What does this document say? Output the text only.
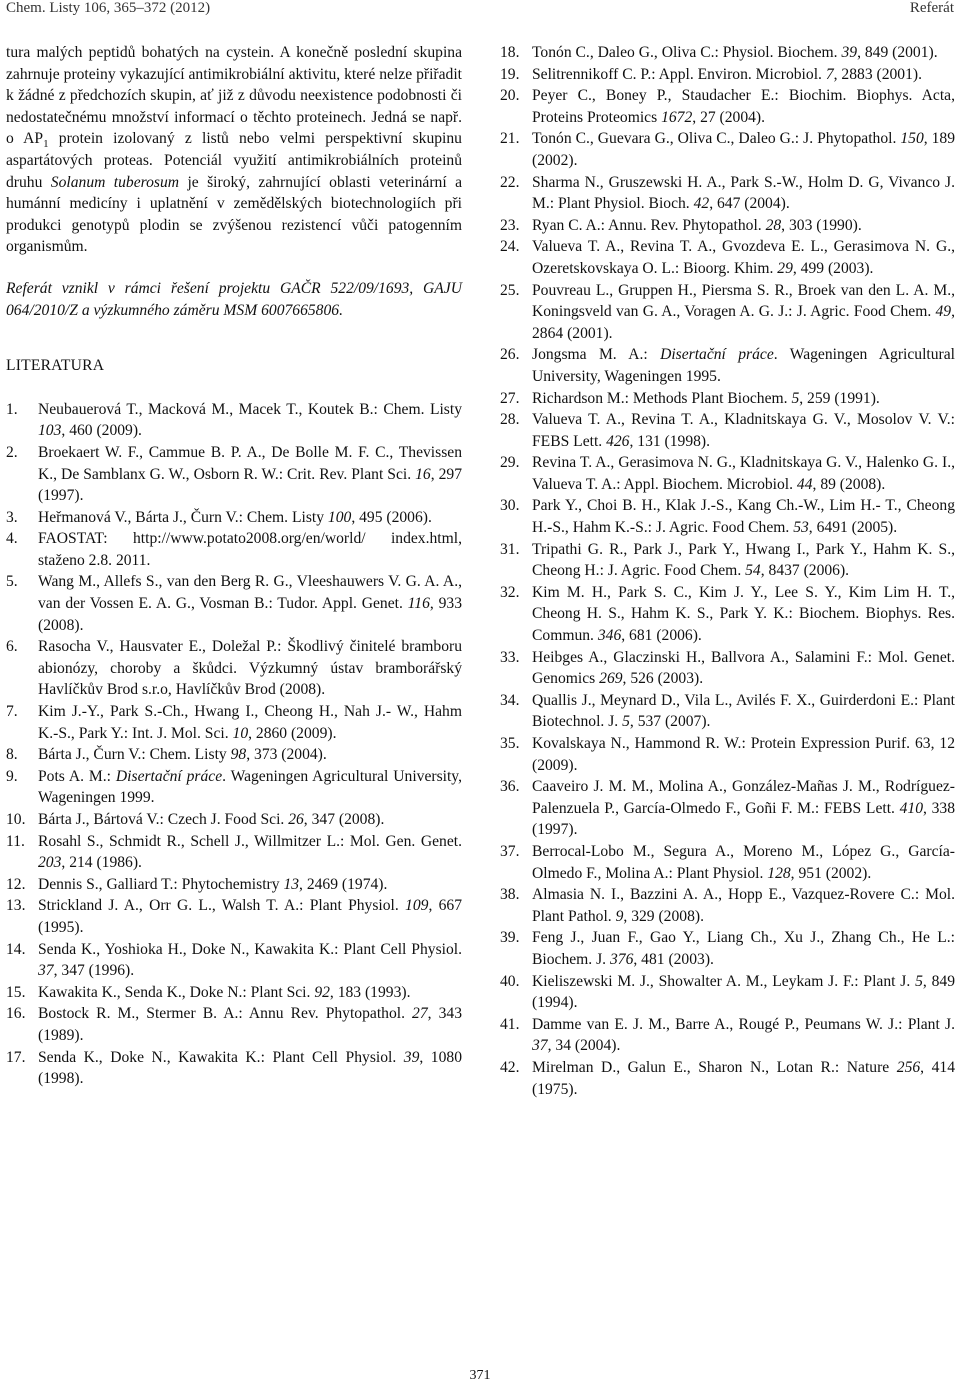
Chem. Listy 106, 365–372 (2012)	Referát

tura malých peptidů bohatých na cystein. A konečně poslední skupina zahrnuje proteiny vykazující antimikrobiální aktivitu, které nelze přiřadit k žádné z předchozích skupin, ať již z důvodu neexistence podobnosti či nedostatečnému množství informací o těchto proteinech. Jedná se např. o $AP_1$ protein izolovaný z listů nebo velmi perspektivní skupinu aspartátových proteas. Potenciál využití antimikrobiálních proteinů druhu Solanum tuberosum je široký, zahrnující oblasti veterinární a humánní medicíny i uplatnění v zemědělských biotechnologiích při produkci genotypů plodin se zvýšenou rezistencí vůči patogenním organismům.

Referát vznikl v rámci řešení projektu GAČR 522/09/1693, GAJU 064/2010/Z a výzkumného záměru MSM 6007665806.

LITERATURA
1. Neubauerová T., Macková M., Macek T., Koutek B.: Chem. Listy 103, 460 (2009).
2. Broekaert W. F., Cammue B. P. A., De Bolle M. F. C., Thevissen K., De Samblanx G. W., Osborn R. W.: Crit. Rev. Plant Sci. 16, 297 (1997).
3. Heřmanová V., Bárta J., Čurn V.: Chem. Listy 100, 495 (2006).
4. FAOSTAT: http://www.potato2008.org/en/world/ index.html, staženo 2.8. 2011.
5. Wang M., Allefs S., van den Berg R. G., Vleeshauwers V. G. A. A., van der Vossen E. A. G., Vosman B.: Tudor. Appl. Genet. 116, 933 (2008).
6. Rasocha V., Hausvater E., Doležal P.: Škodlivý činitelé bramboru abionózy, choroby a škůdci. Výzkumný ústav bramborářský Havlíčkův Brod s.r.o, Havlíčkův Brod (2008).
7. Kim J.-Y., Park S.-Ch., Hwang I., Cheong H., Nah J.- W., Hahm K.-S., Park Y.: Int. J. Mol. Sci. 10, 2860 (2009).
8. Bárta J., Čurn V.: Chem. Listy 98, 373 (2004).
9. Pots A. M.: Disertační práce. Wageningen Agricultural University, Wageningen 1999.
10. Bárta J., Bártová V.: Czech J. Food Sci. 26, 347 (2008).
11. Rosahl S., Schmidt R., Schell J., Willmitzer L.: Mol. Gen. Genet. 203, 214 (1986).
12. Dennis S., Galliard T.: Phytochemistry 13, 2469 (1974).
13. Strickland J. A., Orr G. L., Walsh T. A.: Plant Physiol. 109, 667 (1995).
14. Senda K., Yoshioka H., Doke N., Kawakita K.: Plant Cell Physiol. 37, 347 (1996).
15. Kawakita K., Senda K., Doke N.: Plant Sci. 92, 183 (1993).
16. Bostock R. M., Stermer B. A.: Annu Rev. Phytopathol. 27, 343 (1989).
17. Senda K., Doke N., Kawakita K.: Plant Cell Physiol. 39, 1080 (1998).
18. Tonón C., Daleo G., Oliva C.: Physiol. Biochem. 39, 849 (2001).
19. Selitrennikoff C. P.: Appl. Environ. Microbiol. 7, 2883 (2001).
20. Peyer C., Boney P., Staudacher E.: Biochim. Biophys. Acta, Proteins Proteomics 1672, 27 (2004).
21. Tonón C., Guevara G., Oliva C., Daleo G.: J. Phytopathol. 150, 189 (2002).
22. Sharma N., Gruszewski H. A., Park S.-W., Holm D. G, Vivanco J. M.: Plant Physiol. Bioch. 42, 647 (2004).
23. Ryan C. A.: Annu. Rev. Phytopathol. 28, 303 (1990).
24. Valueva T. A., Revina T. A., Gvozdeva E. L., Gerasimova N. G., Ozeretskovskaya O. L.: Bioorg. Khim. 29, 499 (2003).
25. Pouvreau L., Gruppen H., Piersma S. R., Broek van den L. A. M., Koningsveld van G. A., Voragen A. G. J.: J. Agric. Food Chem. 49, 2864 (2001).
26. Jongsma M. A.: Disertační práce. Wageningen Agricultural University, Wageningen 1995.
27. Richardson M.: Methods Plant Biochem. 5, 259 (1991).
28. Valueva T. A., Revina T. A., Kladnitskaya G. V., Mosolov V. V.: FEBS Lett. 426, 131 (1998).
29. Revina T. A., Gerasimova N. G., Kladnitskaya G. V., Halenko G. I., Valueva T. A.: Appl. Biochem. Microbiol. 44, 89 (2008).
30. Park Y., Choi B. H., Klak J.-S., Kang Ch.-W., Lim H.- T., Cheong H.-S., Hahm K.-S.: J. Agric. Food Chem. 53, 6491 (2005).
31. Tripathi G. R., Park J., Park Y., Hwang I., Park Y., Hahm K. S., Cheong H.: J. Agric. Food Chem. 54, 8437 (2006).
32. Kim M. H., Park S. C., Kim J. Y., Lee S. Y., Kim Lim H. T., Cheong H. S., Hahm K. S., Park Y. K.: Biochem. Biophys. Res. Commun. 346, 681 (2006).
33. Heibges A., Glaczinski H., Ballvora A., Salamini F.: Mol. Genet. Genomics 269, 526 (2003).
34. Quallis J., Meynard D., Vila L., Avilés F. X., Guirderdoni E.: Plant Biotechnol. J. 5, 537 (2007).
35. Kovalskaya N., Hammond R. W.: Protein Expression Purif. 63, 12 (2009).
36. Caaveiro J. M. M., Molina A., González-Mañas J. M., Rodríguez-Palenzuela P., García-Olmedo F., Goñi F. M.: FEBS Lett. 410, 338 (1997).
37. Berrocal-Lobo M., Segura A., Moreno M., López G., García-Olmedo F., Molina A.: Plant Physiol. 128, 951 (2002).
38. Almasia N. I., Bazzini A. A., Hopp E., Vazquez-Rovere C.: Mol. Plant Pathol. 9, 329 (2008).
39. Feng J., Juan F., Gao Y., Liang Ch., Xu J., Zhang Ch., He L.: Biochem. J. 376, 481 (2003).
40. Kieliszewski M. J., Showalter A. M., Leykam J. F.: Plant J. 5, 849 (1994).
41. Damme van E. J. M., Barre A., Rougé P., Peumans W. J.: Plant J. 37, 34 (2004).
42. Mirelman D., Galun E., Sharon N., Lotan R.: Nature 256, 414 (1975).
371
